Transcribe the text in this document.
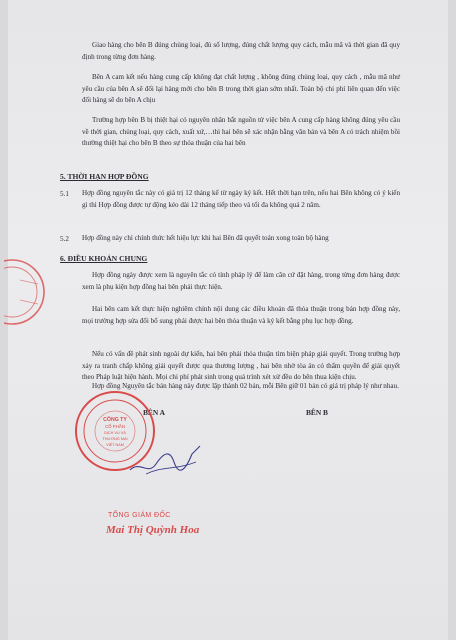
Giao hàng cho bên B đúng chủng loại, đủ số lượng, đúng chất lượng quy cách, mẫu mã và thời gian đã quy định trong từng đơn hàng.
Bên A cam kết nếu hàng cung cấp không đạt chất lượng , không đúng chủng loại, quy cách , mẫu mã như yêu cầu của bên A sẽ đổi lại hàng mới cho bên B trong thời gian sớm nhất. Toàn bộ chi phí liên quan đến việc đổi hàng sẽ do bên A chịu
Trường hợp bên B bị thiệt hại có nguyên nhân bắt nguồn từ việc bên A cung cấp hàng không đúng yêu cầu về thời gian, chủng loại, quy cách, xuất xứ,…thì hai bên sẽ xác nhận bằng văn bản và bên A có trách nhiệm bồi thường thiệt hại cho bên B theo sự thỏa thuận của hai bên
5. THỜI HẠN HỢP ĐỒNG
5.1 Hợp đồng nguyên tắc này có giá trị 12 tháng kể từ ngày ký kết. Hết thời hạn trên, nếu hai Bên không có ý kiến gì thì Hợp đồng được tự động kéo dài 12 tháng tiếp theo và tối đa không quá 2 năm.
5.2 Hợp đồng này chỉ chính thức hết hiệu lực khi hai Bên đã quyết toán xong toàn bộ hàng
6. ĐIỀU KHOẢN CHUNG
Hợp đồng ngày được xem là nguyên tắc có tính pháp lý để làm căn cứ đặt hàng, trong từng đơn hàng được xem là phụ kiện hợp đồng hai bên phải thực hiện.
Hai bên cam kết thực hiện nghiêm chỉnh nội dung các điều khoản đã thỏa thuận trong bản hợp đồng này, mọi trường hợp sửa đổi bổ sung phải được hai bên thỏa thuận và ký kết bằng phụ lục hợp đồng.
Nếu có vấn đề phát sinh ngoài dự kiến, hai bên phải thỏa thuận tìm biện pháp giải quyết. Trong trường hợp xảy ra tranh chấp không giải quyết được qua thương lượng , hai bên nhờ tòa án có thẩm quyền để giải quyết theo Pháp luật hiện hành. Mọi chi phí phát sinh trong quá trình xét xử đều do bên thua kiện chịu.
Hợp đồng Nguyên tắc bán hàng này được lập thành 02 bản, mỗi Bên giữ 01 bản có giá trị pháp lý như nhau.
BÊN A	BÊN B
CÔNG TY
CỔ PHẦN
DỊCH VỤ VÀ
THƯƠNG MẠI
VIỆT NAM
TỔNG GIÁM ĐỐC
Mai Thị Quỳnh Hoa
